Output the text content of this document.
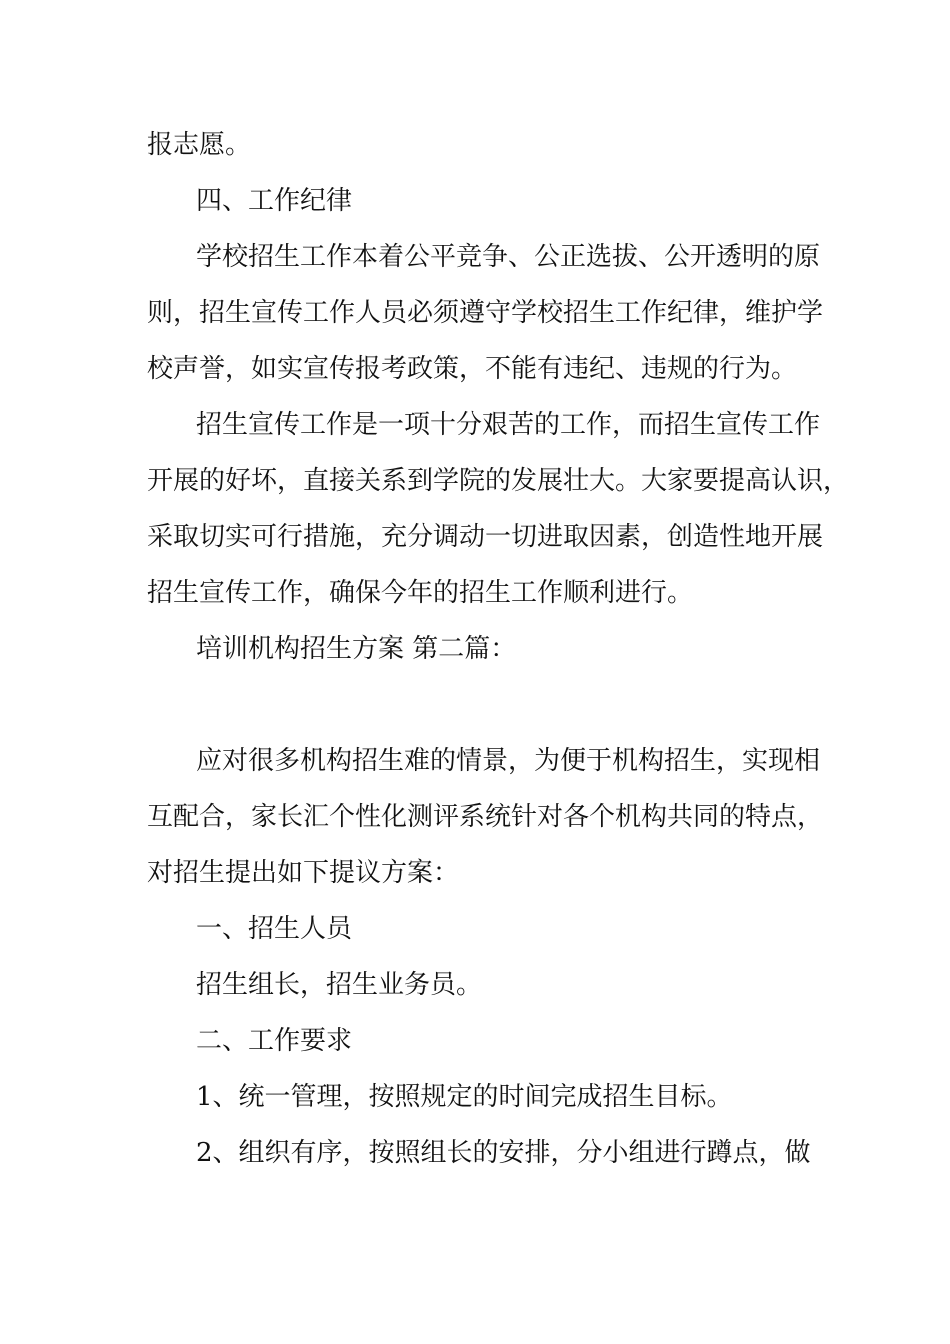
报志愿。
四、工作纪律
学校招生工作本着公平竞争、公正选拔、公开透明的原
则，招生宣传工作人员必须遵守学校招生工作纪律，维护学
校声誉，如实宣传报考政策，不能有违纪、违规的行为。
招生宣传工作是一项十分艰苦的工作，而招生宣传工作
开展的好坏，直接关系到学院的发展壮大。大家要提高认识，
采取切实可行措施，充分调动一切进取因素，创造性地开展
招生宣传工作，确保今年的招生工作顺利进行。
培训机构招生方案 第二篇：
应对很多机构招生难的情景，为便于机构招生，实现相
互配合，家长汇个性化测评系统针对各个机构共同的特点，
对招生提出如下提议方案：
一、招生人员
招生组长，招生业务员。
二、工作要求
1、统一管理，按照规定的时间完成招生目标。
2、组织有序，按照组长的安排，分小组进行蹲点，做
